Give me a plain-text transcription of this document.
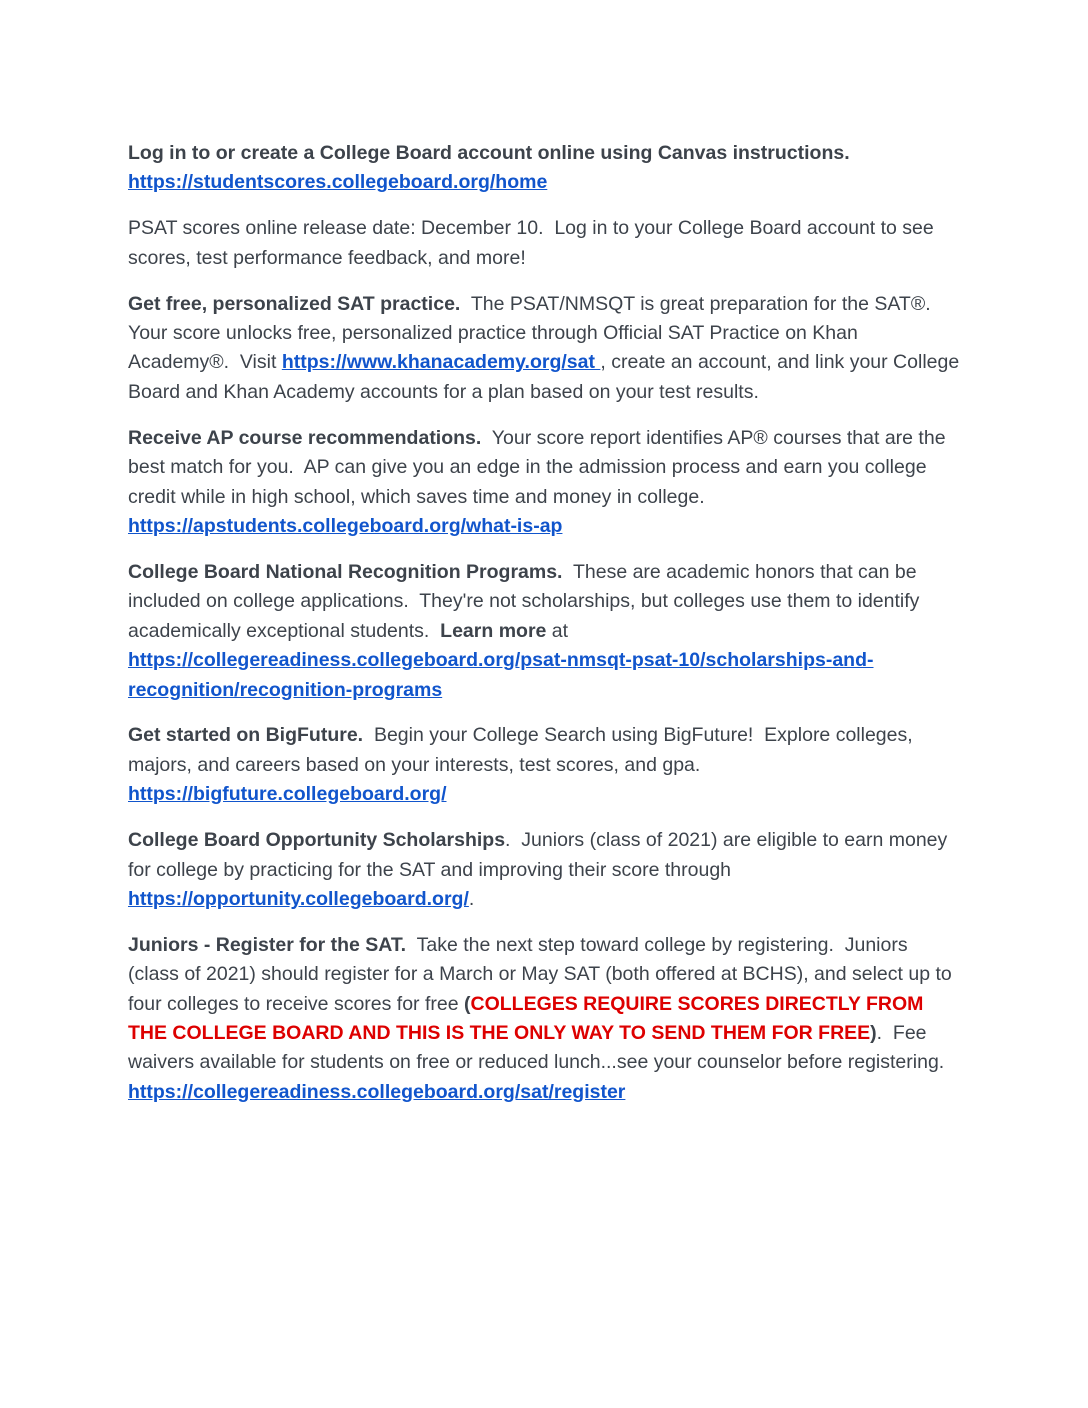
Log in to or create a College Board account online using Canvas instructions.
https://studentscores.collegeboard.org/home

PSAT scores online release date: December 10.  Log in to your College Board account to see scores, test performance feedback, and more!

Get free, personalized SAT practice.  The PSAT/NMSQT is great preparation for the SAT®.  Your score unlocks free, personalized practice through Official SAT Practice on Khan Academy®.  Visit https://www.khanacademy.org/sat , create an account, and link your College Board and Khan Academy accounts for a plan based on your test results.

Receive AP course recommendations.  Your score report identifies AP® courses that are the best match for you.  AP can give you an edge in the admission process and earn you college credit while in high school, which saves time and money in college.
https://apstudents.collegeboard.org/what-is-ap

College Board National Recognition Programs.  These are academic honors that can be included on college applications.  They're not scholarships, but colleges use them to identify academically exceptional students.  Learn more at
https://collegereadiness.collegeboard.org/psat-nmsqt-psat-10/scholarships-and-recognition/recognition-programs

Get started on BigFuture.  Begin your College Search using BigFuture!  Explore colleges, majors, and careers based on your interests, test scores, and gpa.
https://bigfuture.collegeboard.org/

College Board Opportunity Scholarships.  Juniors (class of 2021) are eligible to earn money for college by practicing for the SAT and improving their score through
https://opportunity.collegeboard.org/.

Juniors - Register for the SAT.  Take the next step toward college by registering.  Juniors (class of 2021) should register for a March or May SAT (both offered at BCHS), and select up to four colleges to receive scores for free (COLLEGES REQUIRE SCORES DIRECTLY FROM THE COLLEGE BOARD AND THIS IS THE ONLY WAY TO SEND THEM FOR FREE).  Fee waivers available for students on free or reduced lunch...see your counselor before registering.
https://collegereadiness.collegeboard.org/sat/register
